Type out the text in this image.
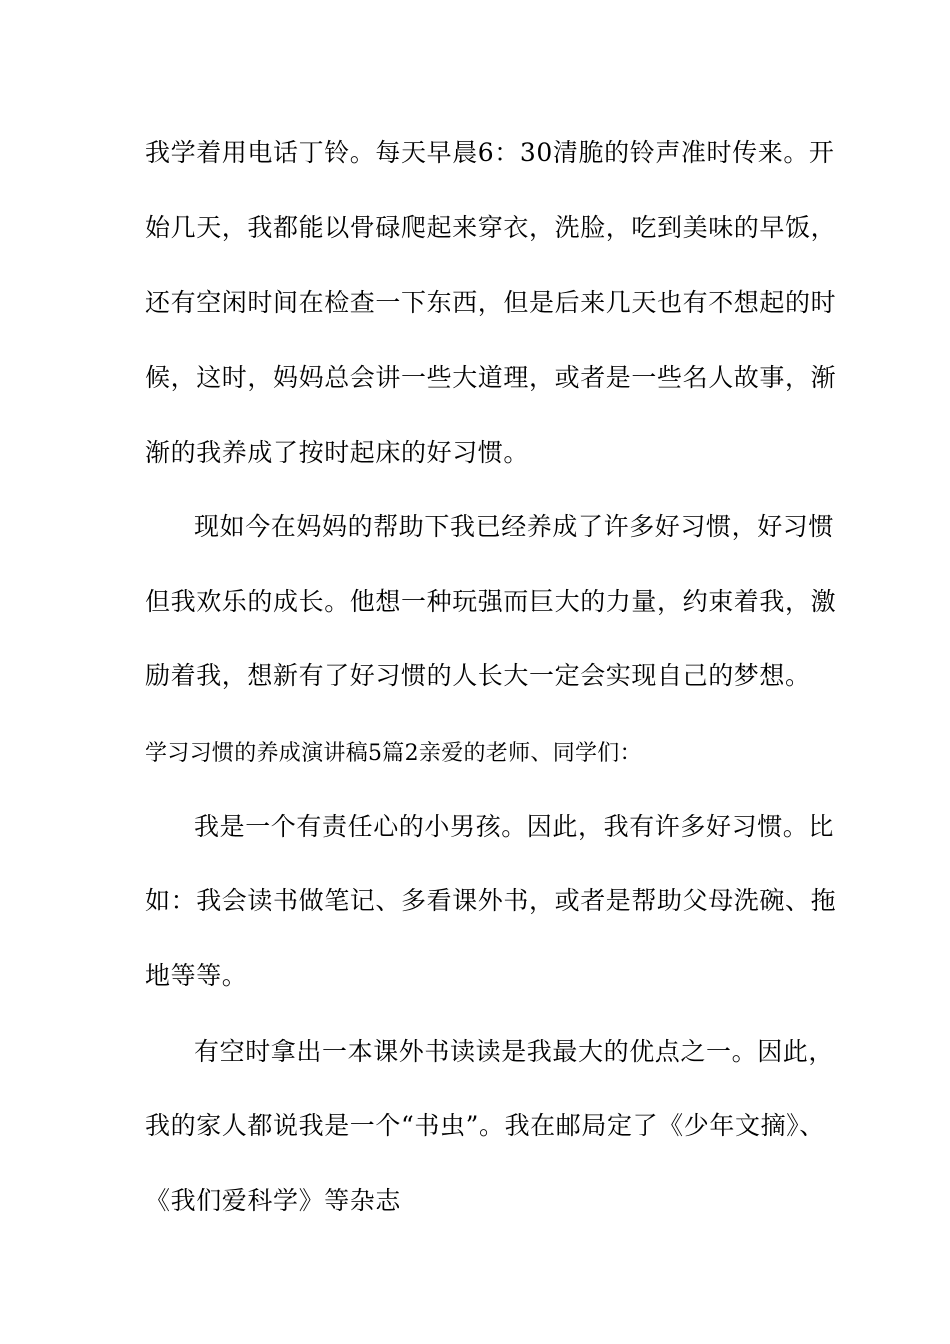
我学着用电话丁铃。每天早晨6：30清脆的铃声准时传来。开
始几天，我都能以骨碌爬起来穿衣，洗脸，吃到美味的早饭，
还有空闲时间在检查一下东西，但是后来几天也有不想起的时
候，这时，妈妈总会讲一些大道理，或者是一些名人故事，渐
渐的我养成了按时起床的好习惯。
现如今在妈妈的帮助下我已经养成了许多好习惯，好习惯
但我欢乐的成长。他想一种玩强而巨大的力量，约束着我，激
励着我，想新有了好习惯的人长大一定会实现自己的梦想。
学习习惯的养成演讲稿5篇2亲爱的老师、同学们：
我是一个有责任心的小男孩。因此，我有许多好习惯。比
如：我会读书做笔记、多看课外书，或者是帮助父母洗碗、拖
地等等。
有空时拿出一本课外书读读是我最大的优点之一。因此，
我的家人都说我是一个“书虫”。我在邮局定了《少年文摘》、
《我们爱科学》等杂志
